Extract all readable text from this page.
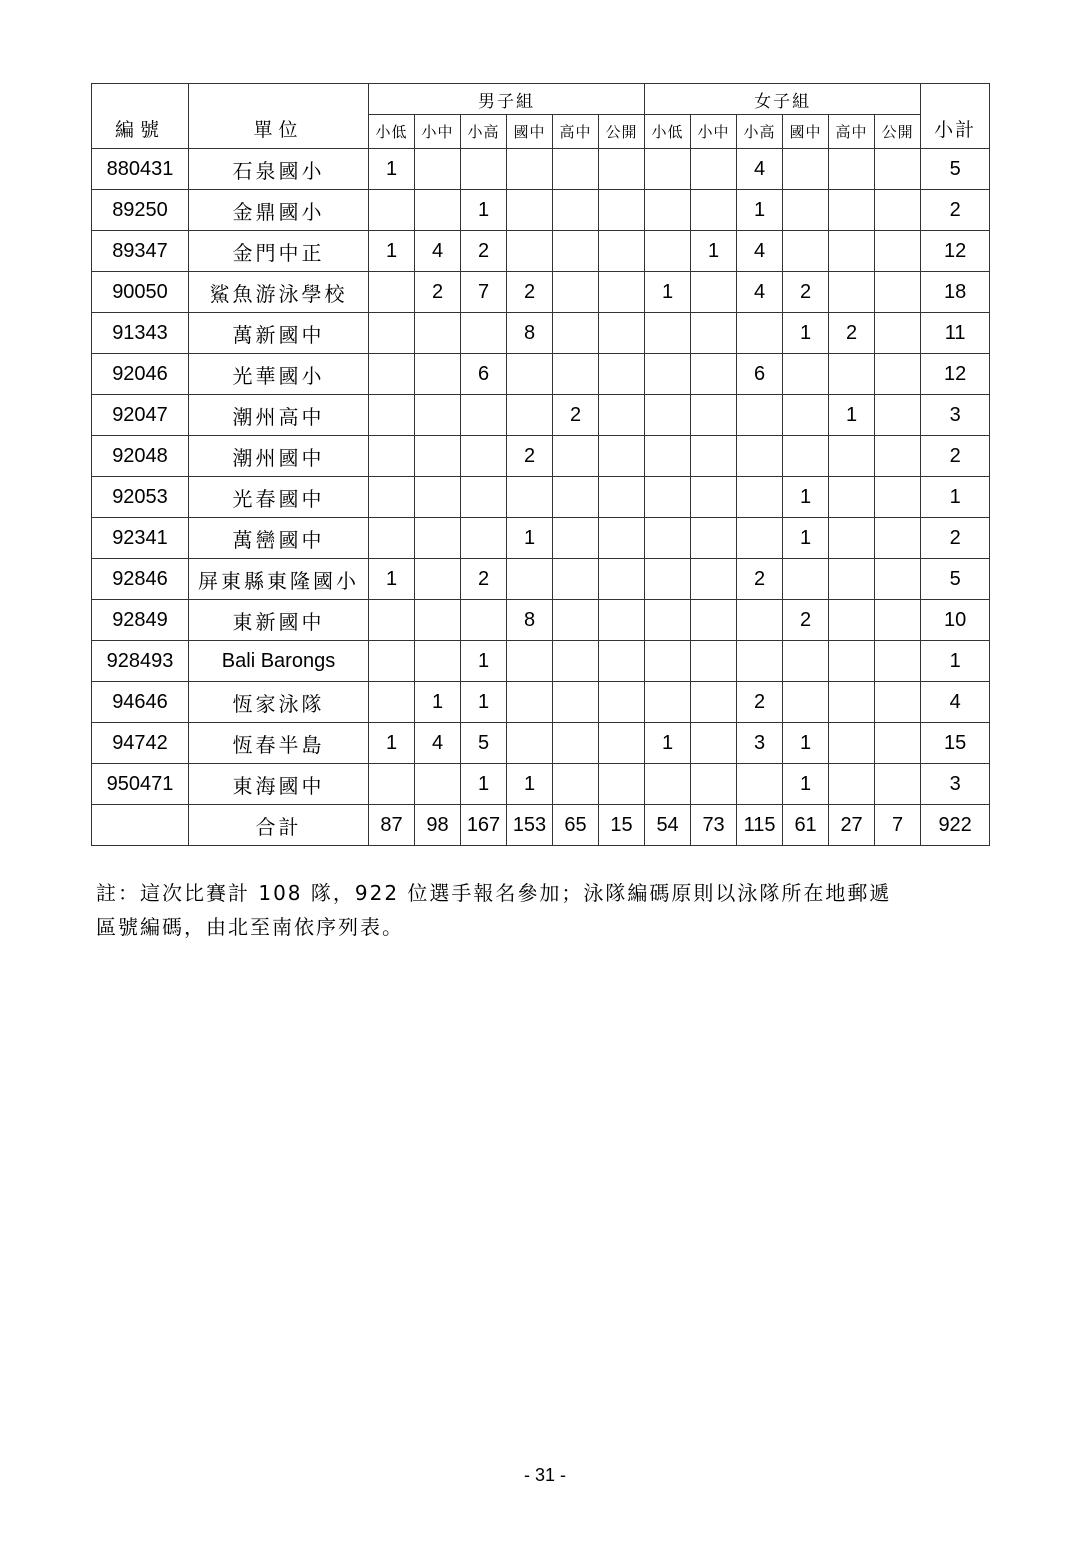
編號	單位	男子組						女子組						小計
		小低	小中	小高	國中	高中	公開	小低	小中	小高	國中	高中	公開	
880431	石泉國小	1								4				5
89250	金鼎國小			1						1				2
89347	金門中正	1	4	2					1	4				12
90050	鯊魚游泳學校		2	7	2			1		4	2			18
91343	萬新國中				8						1	2		11
92046	光華國小			6						6				12
92047	潮州高中					2						1		3
92048	潮州國中				2									2
92053	光春國中										1			1
92341	萬巒國中				1						1			2
92846	屏東縣東隆國小	1		2						2				5
92849	東新國中				8						2			10
928493	Bali Barongs			1										1
94646	恆家泳隊		1	1						2				4
94742	恆春半島	1	4	5				1		3	1			15
950471	東海國中			1	1						1			3
	合計	87	98	167	153	65	15	54	73	115	61	27	7	922
註：這次比賽計 108 隊，922 位選手報名參加；泳隊編碼原則以泳隊所在地郵遞
區號編碼，由北至南依序列表。
- 31 -
